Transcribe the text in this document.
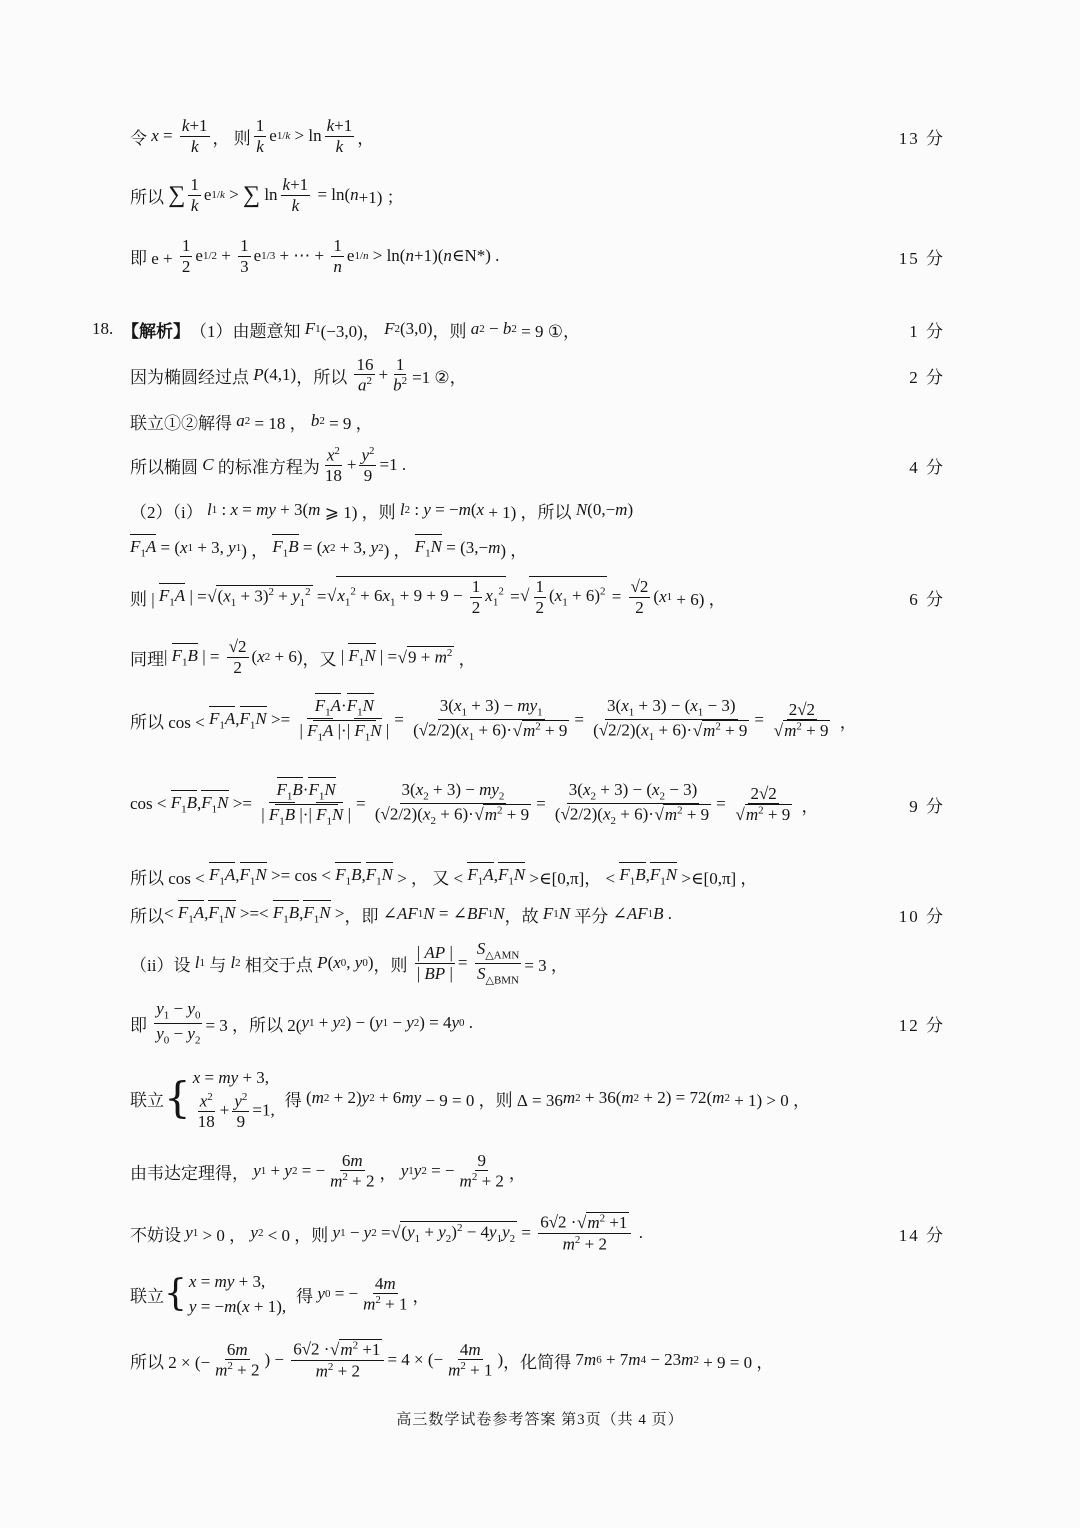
令 $x = \frac{k+1}{k}$ ， 则 $\frac{1}{k}$ e $1/k > \ln \frac{k+1}{k}$ ，	13 分
所以 ∑ $\frac{1}{k}$ e 1/k > ∑ $\ln \frac{k+1}{k} = \ln$( n +1) ；
即 $e + \frac{1}{2}$ e $1/2 + \frac{1}{3}$ e 1/3 + ⋯ + $\frac{1}{n}$ e 1/n > ln( n +1)( n ∈N*) .	15 分
18. 【解析】 （1） 由题意知
F 1 (−3,0)， F 2 (3,0) ，则
a 2 − b 2 = 9 ①，	1 分
因为椭圆经过点
P (4,1) ，所以
$\frac{16}{a^2} + \frac{1}{b^2} =1$ ②，	2 分
联立①②解得
a 2 = 18 ， b 2 = 9 ，
所以椭圆
C
的标准方程为 $\frac{x^2}{18} + \frac{y^2}{9} =1$ .	4 分
（2）（i）
l 1 : x = my + 3( m ⩾ 1) ，则 l 2 : y = − m ( x + 1) ，所以 N (0,− m )
$F_1A$ = ( x 1 + 3, y 1 ) ， $F_1B$ = ( x 2 + 3, y 2 ) ， $F_1N = (3,- m$ ) ，
则 | $F_1A$ | = √ $(x_1 + 3)^2 + y_1^2$ = √ $x_1^2 + 6x_1 + 9 + 9 - \frac{1}{2} x_1^2$ = √ $\frac{1}{2} (x_1 + 6)^2 = \frac{√2}{2}$ ( x 1 + 6) ，	6 分
同理 | $F_1B$ | = $\frac{√2}{2}$ ( x 2 + 6) ，又 | $F_1N$ | = √ $9 + m^2$ ，
所以 $\cos < F_1A$ , $F_1N >= \frac{F_1A\cdot F_1N}{| F_1A |\cdot| F_1N |} = \frac{3(x_1 + 3) - my_1}{(√2/2)(x_1 + 6)\cdot √ m^2 + 9} = \frac{3(x_1 + 3) - (x_1 - 3)}{(√2/2)(x_1 + 6)\cdot √ m^2 + 9} = 2√2$
√ $m^2 + 9$ ，
$\cos < F_1B$ , $F_1N >= \frac{F_1B\cdot F_1N}{| F_1B |\cdot| F_1N |} = \frac{3(x_2 + 3) - my_2}{(√2/2)(x_2 + 6)\cdot √ m^2 + 9} = \frac{3(x_2 + 3) - (x_2 - 3)}{(√2/2)(x_2 + 6)\cdot √ m^2 + 9} = 2√2$
√ $m^2 + 9$ ，	9 分
所以 $\cos < F_1A$ , $F_1N >= \cos < F_1B$ , $F_1N$ > ， 又 < $F_1A$ , $F_1N$ >∈[0,π]， < $F_1B$ , $F_1N$ >∈[0,π] ，
所以 < $F_1A$ , $F_1N$ >=< $F_1B$ , $F_1N$ > ，即 ∠ AF 1 N = ∠ BF 1 N ，故
F 1 N
平分 ∠ AF 1 B .	10 分
（ii）设
l 1
与
l 2
相交于点
P ( x 0 , y 0 ) ，则
$\frac{| AP |}{| BP |} = \frac{S_{\triangle AMN}}{S_{\triangle BMN}} = 3$ ，
即
$\frac{y_1 - y_0}{y_0 - y_2} = 3$ ，所以 2( y 1 + y 2 ) − ( y 1 − y 2 ) = 4 y 0 .	12 分
联立 { x = my + 3,
$\frac{x^2}{18} + \frac{y^2}{9} =1$,
得 ( m 2 + 2) y 2 + 6 my − 9 = 0 ，则 Δ = 36 m 2 + 36( m 2 + 2) = 72( m 2 + 1) > 0 ，
由韦达定理得，
y 1 + y 2 = − $\frac{6m}{m^2 + 2}$ ， y 1 y 2 = − $\frac{9}{m^2 + 2}$ ，
不妨设
y 1 > 0 ， y 2 < 0 ，则 y 1 − y 2 = √ $(y_1 + y_2)^2 - 4y_1y_2 = \frac{6√2 \cdot √ m^2 +1}{m^2 + 2}$ .	14 分
联立 { x = my + 3,
y = −m(x + 1),
得
y 0 = − $\frac{4m}{m^2 + 1}$ ，
所以 2 × (− $\frac{6m}{m^2 + 2}$ ) − $\frac{6√2 \cdot √ m^2 +1}{m^2 + 2} = 4$ × (− $\frac{4m}{m^2 + 1}$ ) ，化简得 7 m 6 + 7 m 4 − 23 m 2 + 9 = 0 ，
高三数学试卷参考答案 第3页（共 4 页）
